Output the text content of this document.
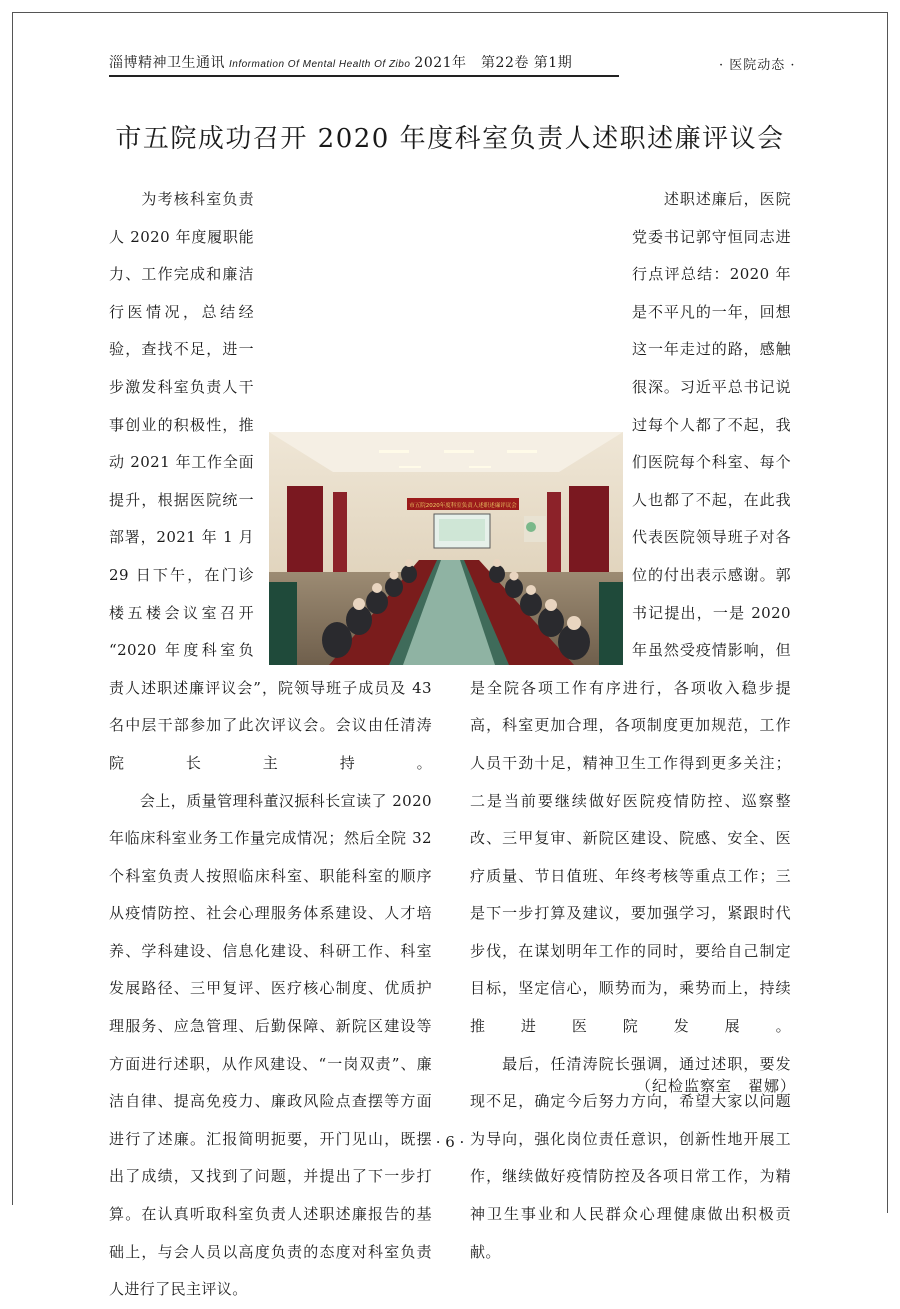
淄博精神卫生通讯 Information Of Mental Health Of Zibo 2021年　第22卷 第1期	· 医院动态 ·
市五院成功召开 2020 年度科室负责人述职述廉评议会

　　为考核科室负责人 2020 年度履职能力、工作完成和廉洁行医情况，总结经验，查找不足，进一步激发科室负责人干事创业的积极性，推动 2021 年工作全面提升，根据医院统一部署，2021 年 1 月 29 日下午，在门诊楼五楼会议室召开 “2020 年度科室负责人述职述廉评议会”，院领导班子成员及 43 名中层干部参加了此次评议会。会议由任清涛院长主持。

　　会上，质量管理科董汉振科长宣读了 2020 年临床科室业务工作量完成情况；然后全院 32 个科室负责人按照临床科室、职能科室的顺序从疫情防控、社会心理服务体系建设、人才培养、学科建设、信息化建设、科研工作、科室发展路径、三甲复评、医疗核心制度、优质护理服务、应急管理、后勤保障、新院区建设等方面进行述职，从作风建设、“一岗双责”、廉洁自律、提高免疫力、廉政风险点查摆等方面进行了述廉。汇报简明扼要，开门见山，既摆出了成绩，又找到了问题，并提出了下一步打算。在认真听取科室负责人述职述廉报告的基础上，与会人员以高度负责的态度对科室负责人进行了民主评议。

　　述职述廉后，医院党委书记郭守恒同志进行点评总结：2020 年是不平凡的一年，回想这一年走过的路，感触很深。习近平总书记说过每个人都了不起，我们医院每个科室、每个人也都了不起，在此我代表医院领导班子对各位的付出表示感谢。郭书记提出，一是 2020 年虽然受疫情影响，但是全院各项工作有序进行，各项收入稳步提高，科室更加合理，各项制度更加规范，工作人员干劲十足，精神卫生工作得到更多关注；二是当前要继续做好医院疫情防控、巡察整改、三甲复审、新院区建设、院感、安全、医疗质量、节日值班、年终考核等重点工作；三是下一步打算及建议，要加强学习，紧跟时代步伐，在谋划明年工作的同时，要给自己制定目标，坚定信心，顺势而为，乘势而上，持续推进医院发展。

　　最后，任清涛院长强调，通过述职，要发现不足，确定今后努力方向，希望大家以问题为导向，强化岗位责任意识，创新性地开展工作，继续做好疫情防控及各项日常工作，为精神卫生事业和人民群众心理健康做出积极贡献。

市五院2020年度科室负责人述职述廉评议会
（纪检监察室　翟娜）
· 6 ·
